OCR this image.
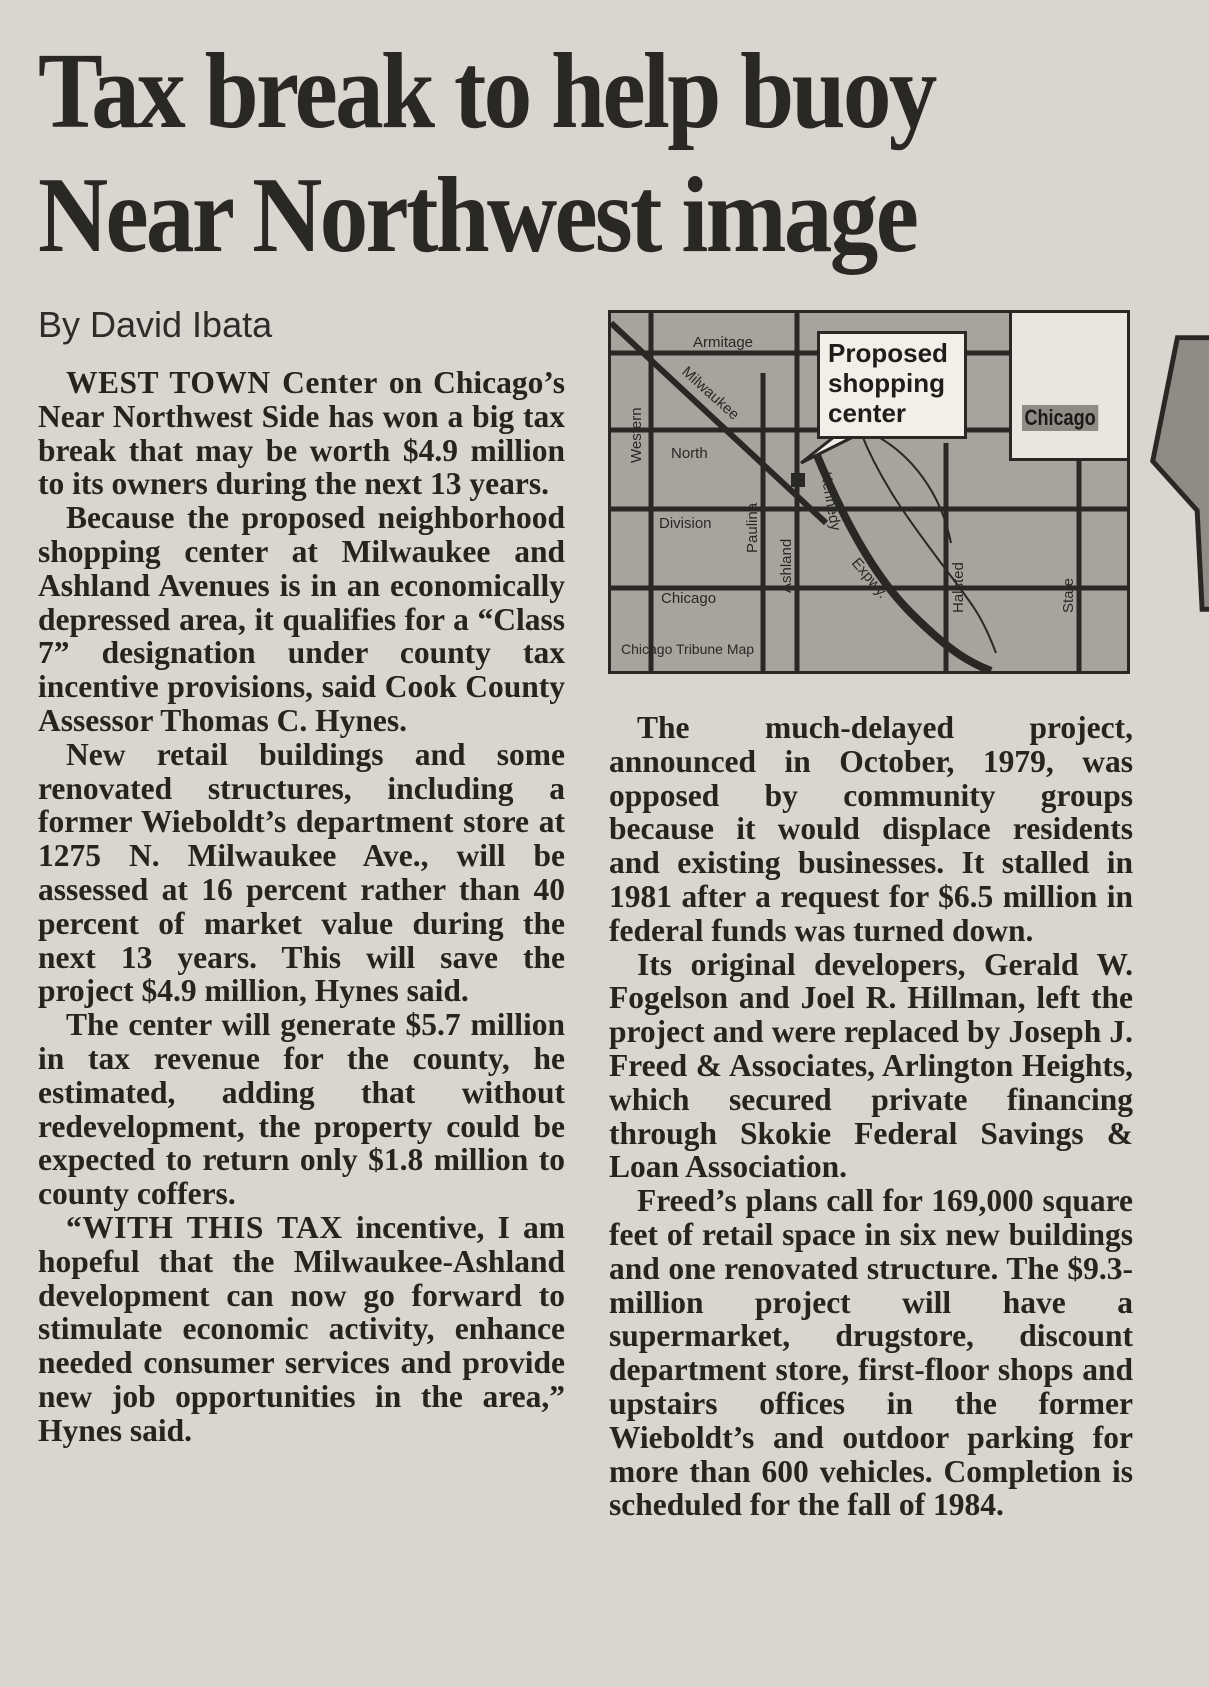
Tax break to help buoy
Near Northwest image
By David Ibata

WEST TOWN Center on Chicago’s Near Northwest Side has won a big tax break that may be worth $4.9 million to its owners during the next 13 years.

Because the proposed neighborhood shopping center at Milwaukee and Ashland Avenues is in an economically depressed area, it qualifies for a “Class 7” designation under county tax incentive provisions, said Cook County Assessor Thomas C. Hynes.

New retail buildings and some renovated structures, including a former Wieboldt’s department store at 1275 N. Milwaukee Ave., will be assessed at 16 percent rather than 40 percent of market value during the next 13 years. This will save the project $4.9 million, Hynes said.

The center will generate $5.7 million in tax revenue for the county, he estimated, adding that without redevelopment, the property could be expected to return only $1.8 million to county coffers.

“WITH THIS TAX incentive, I am hopeful that the Milwaukee-Ashland development can now go forward to stimulate economic activity, enhance needed consumer services and provide new job opportunities in the area,” Hynes said.

Armitage
North
Division
Chicago
Western
Milwaukee
Paulina
Ashland
Kennedy
Expwy.	Halsted	State
Proposed shopping center	Chicago
Chicago Tribune Map

The much-delayed project, announced in October, 1979, was opposed by community groups because it would displace residents and existing businesses. It stalled in 1981 after a request for $6.5 million in federal funds was turned down.

Its original developers, Gerald W. Fogelson and Joel R. Hillman, left the project and were replaced by Joseph J. Freed & Associates, Arlington Heights, which secured private financing through Skokie Federal Savings & Loan Association.

Freed’s plans call for 169,000 square feet of retail space in six new buildings and one renovated structure. The $9.3-million project will have a supermarket, drugstore, discount department store, first-floor shops and upstairs offices in the former Wieboldt’s and outdoor parking for more than 600 vehicles. Completion is scheduled for the fall of 1984.
